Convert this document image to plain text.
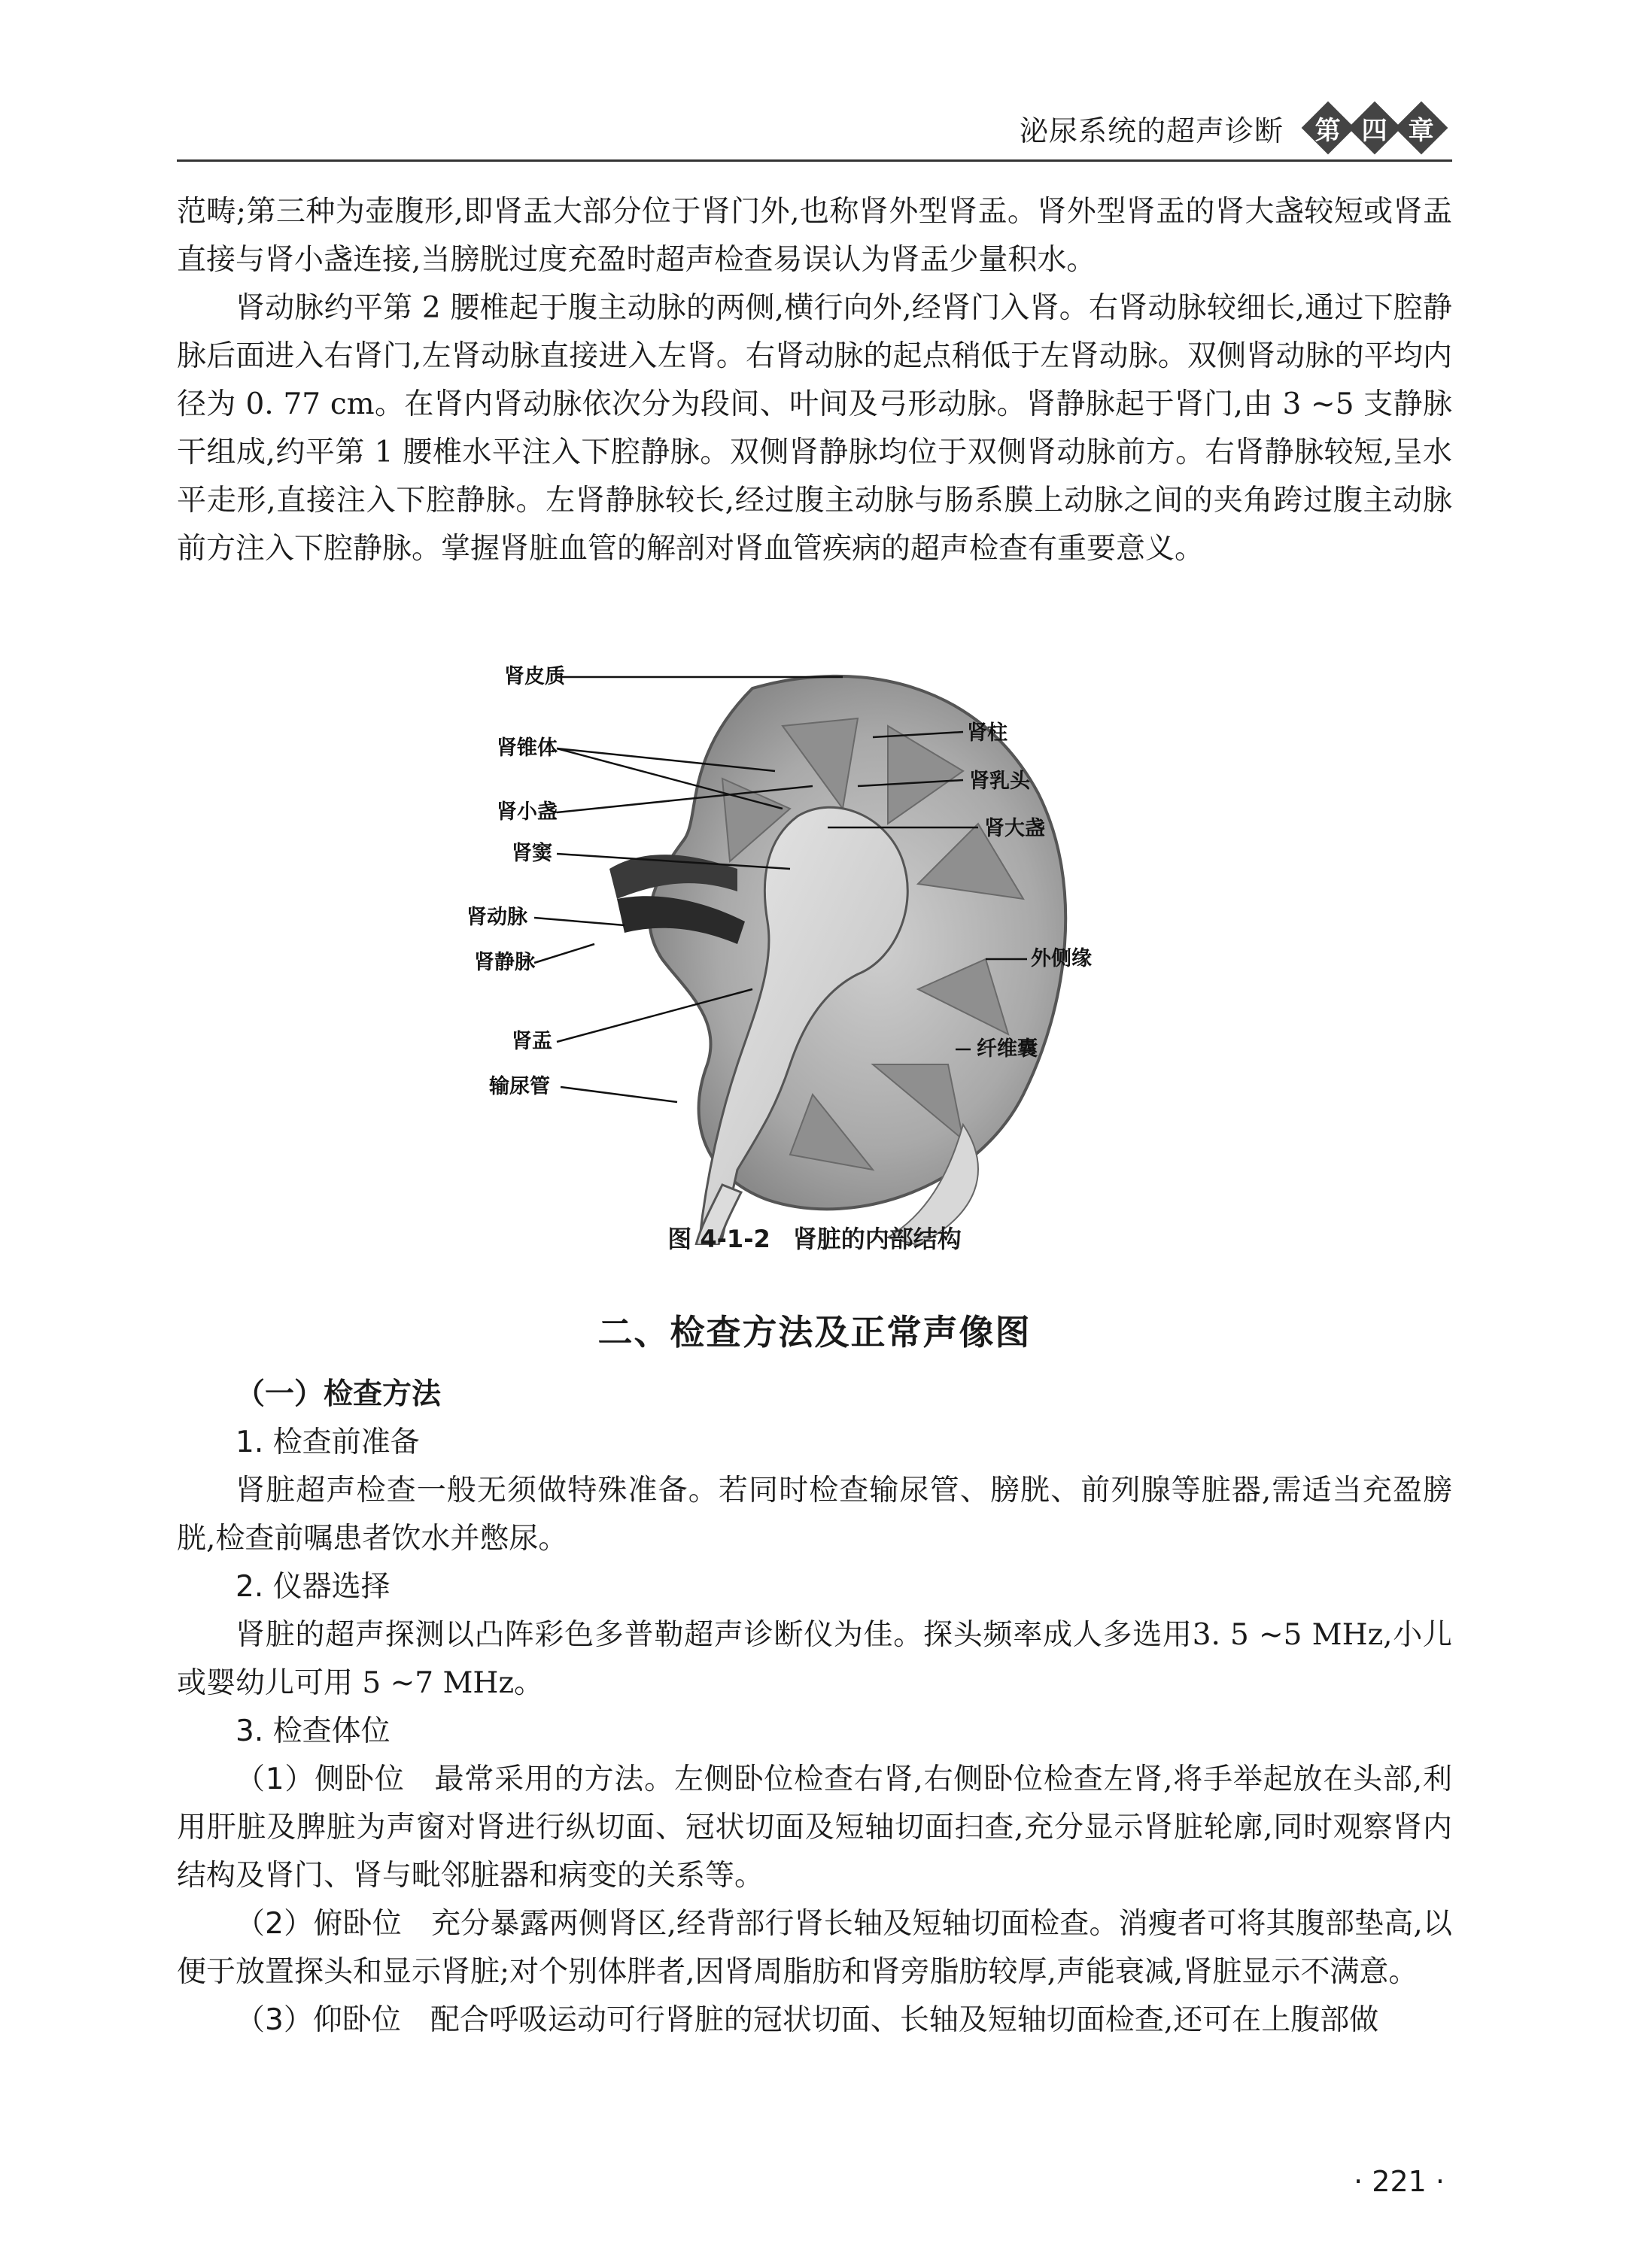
泌尿系统的超声诊断 第 四 章

范畴;第三种为壶腹形,即肾盂大部分位于肾门外,也称肾外型肾盂。肾外型肾盂的肾大盏较短或肾盂直接与肾小盏连接,当膀胱过度充盈时超声检查易误认为肾盂少量积水。

肾动脉约平第 2 腰椎起于腹主动脉的两侧,横行向外,经肾门入肾。右肾动脉较细长,通过下腔静脉后面进入右肾门,左肾动脉直接进入左肾。右肾动脉的起点稍低于左肾动脉。双侧肾动脉的平均内径为 0. 77 cm。在肾内肾动脉依次分为段间、叶间及弓形动脉。肾静脉起于肾门,由 3 ~5 支静脉干组成,约平第 1 腰椎水平注入下腔静脉。双侧肾静脉均位于双侧肾动脉前方。右肾静脉较短,呈水平走形,直接注入下腔静脉。左肾静脉较长,经过腹主动脉与肠系膜上动脉之间的夹角跨过腹主动脉前方注入下腔静脉。掌握肾脏血管的解剖对肾血管疾病的超声检查有重要意义。

肾皮质
肾柱
肾锥体
肾乳头
肾小盏
肾大盏
肾窦
肾动脉
外侧缘
肾静脉
肾盂	纤维囊
输尿管
图 4-1-2 肾脏的内部结构
二、检查方法及正常声像图

（一）检查方法

1. 检查前准备

肾脏超声检查一般无须做特殊准备。若同时检查输尿管、膀胱、前列腺等脏器,需适当充盈膀胱,检查前嘱患者饮水并憋尿。

2. 仪器选择

肾脏的超声探测以凸阵彩色多普勒超声诊断仪为佳。探头频率成人多选用3. 5 ~5 MHz,小儿或婴幼儿可用 5 ~7 MHz。

3. 检查体位

（1）侧卧位  最常采用的方法。左侧卧位检查右肾,右侧卧位检查左肾,将手举起放在头部,利用肝脏及脾脏为声窗对肾进行纵切面、冠状切面及短轴切面扫查,充分显示肾脏轮廓,同时观察肾内结构及肾门、肾与毗邻脏器和病变的关系等。

（2）俯卧位  充分暴露两侧肾区,经背部行肾长轴及短轴切面检查。消瘦者可将其腹部垫高,以便于放置探头和显示肾脏;对个别体胖者,因肾周脂肪和肾旁脂肪较厚,声能衰减,肾脏显示不满意。

（3）仰卧位  配合呼吸运动可行肾脏的冠状切面、长轴及短轴切面检查,还可在上腹部做

· 221 ·
